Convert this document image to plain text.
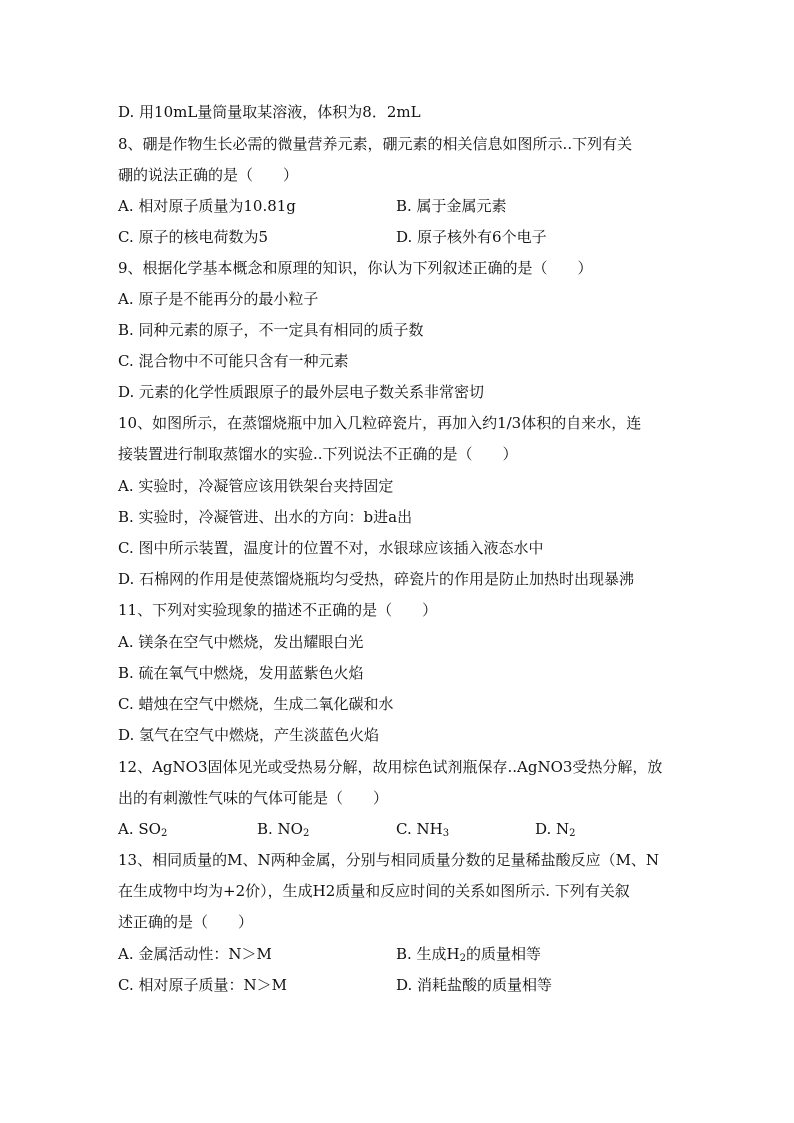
D. 用10mL量筒量取某溶液，体积为8．2mL
8、硼是作物生长必需的微量营养元素，硼元素的相关信息如图所示..下列有关
硼的说法正确的是（　　）
A. 相对原子质量为10.81g	B. 属于金属元素
C. 原子的核电荷数为5	D. 原子核外有6个电子
9、根据化学基本概念和原理的知识，你认为下列叙述正确的是（　　）
A. 原子是不能再分的最小粒子
B. 同种元素的原子，不一定具有相同的质子数
C. 混合物中不可能只含有一种元素
D. 元素的化学性质跟原子的最外层电子数关系非常密切
10、如图所示，在蒸馏烧瓶中加入几粒碎瓷片，再加入约1/3体积的自来水，连
接装置进行制取蒸馏水的实验..下列说法不正确的是（　　）
A. 实验时，冷凝管应该用铁架台夹持固定
B. 实验时，冷凝管进、出水的方向：b进a出
C. 图中所示装置，温度计的位置不对，水银球应该插入液态水中
D. 石棉网的作用是使蒸馏烧瓶均匀受热，碎瓷片的作用是防止加热时出现暴沸
11、下列对实验现象的描述不正确的是（　　）
A. 镁条在空气中燃烧，发出耀眼白光
B. 硫在氧气中燃烧，发用蓝紫色火焰
C. 蜡烛在空气中燃烧，生成二氧化碳和水
D. 氢气在空气中燃烧，产生淡蓝色火焰
12、AgNO3固体见光或受热易分解，故用棕色试剂瓶保存..AgNO3受热分解，放
出的有刺激性气味的气体可能是（　　）
A. $SO_2$	B. $NO_2$	C. $NH_3$	D. $N_2$
13、相同质量的M、N两种金属，分别与相同质量分数的足量稀盐酸反应（M、N
在生成物中均为+2价），生成H2质量和反应时间的关系如图所示. 下列有关叙
述正确的是（　　）
A. 金属活动性：N＞M	B. 生成$H_2$的质量相等
C. 相对原子质量：N＞M	D. 消耗盐酸的质量相等
